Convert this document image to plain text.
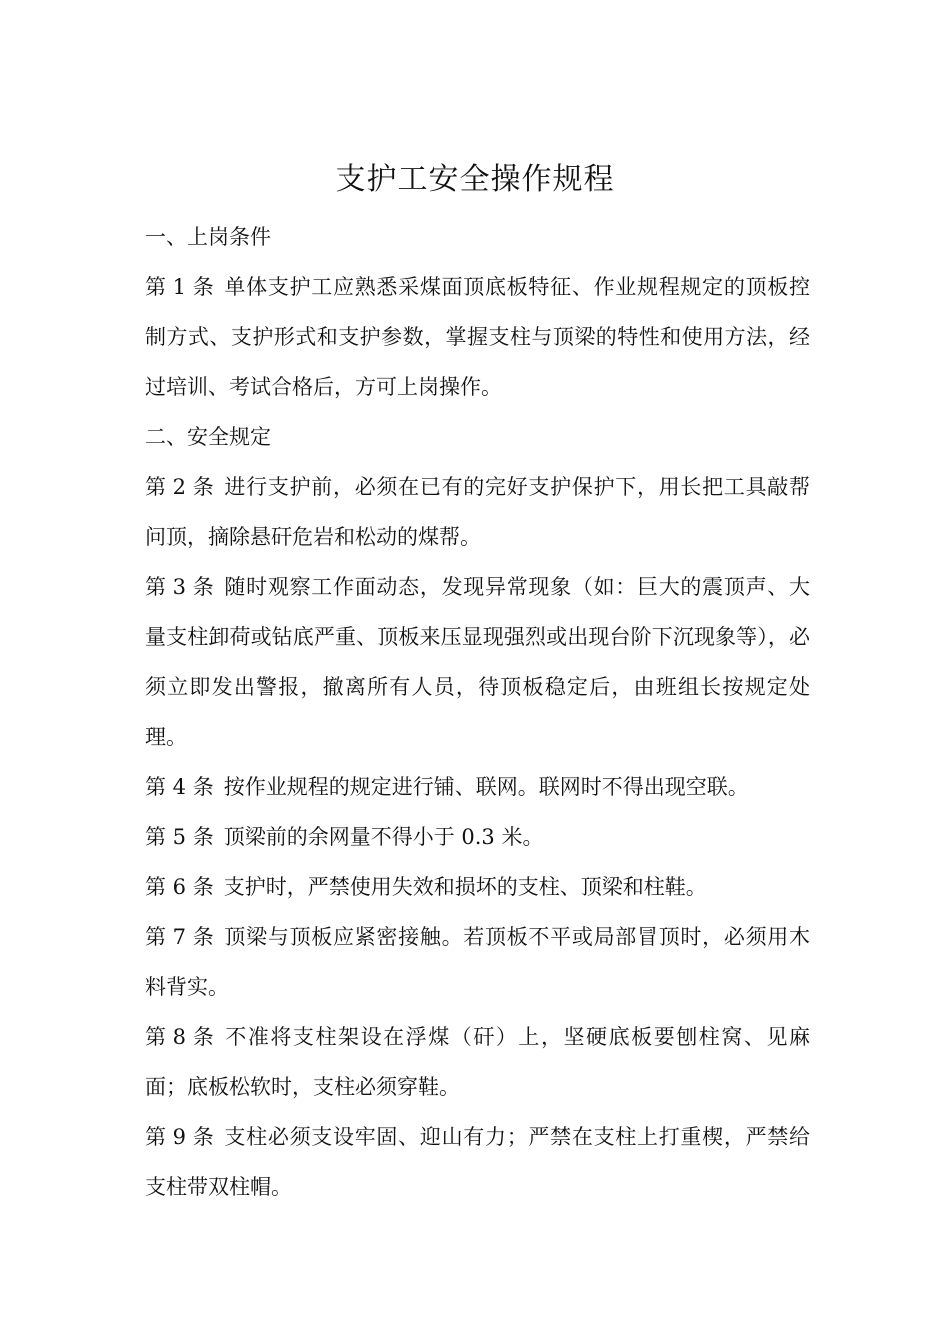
支护工安全操作规程

一、上岗条件

第 1 条 单体支护工应熟悉采煤面顶底板特征、作业规程规定的顶板控制方式、支护形式和支护参数，掌握支柱与顶梁的特性和使用方法，经过培训、考试合格后，方可上岗操作。

二、安全规定

第 2 条 进行支护前，必须在已有的完好支护保护下，用长把工具敲帮问顶，摘除悬矸危岩和松动的煤帮。

第 3 条 随时观察工作面动态，发现异常现象（如：巨大的震顶声、大量支柱卸荷或钻底严重、顶板来压显现强烈或出现台阶下沉现象等），必须立即发出警报，撤离所有人员，待顶板稳定后，由班组长按规定处理。

第 4 条 按作业规程的规定进行铺、联网。联网时不得出现空联。

第 5 条 顶梁前的余网量不得小于 0.3 米。

第 6 条 支护时，严禁使用失效和损坏的支柱、顶梁和柱鞋。

第 7 条 顶梁与顶板应紧密接触。若顶板不平或局部冒顶时，必须用木料背实。

第 8 条 不准将支柱架设在浮煤（矸）上，坚硬底板要刨柱窝、见麻面；底板松软时，支柱必须穿鞋。

第 9 条 支柱必须支设牢固、迎山有力；严禁在支柱上打重楔，严禁给支柱带双柱帽。
